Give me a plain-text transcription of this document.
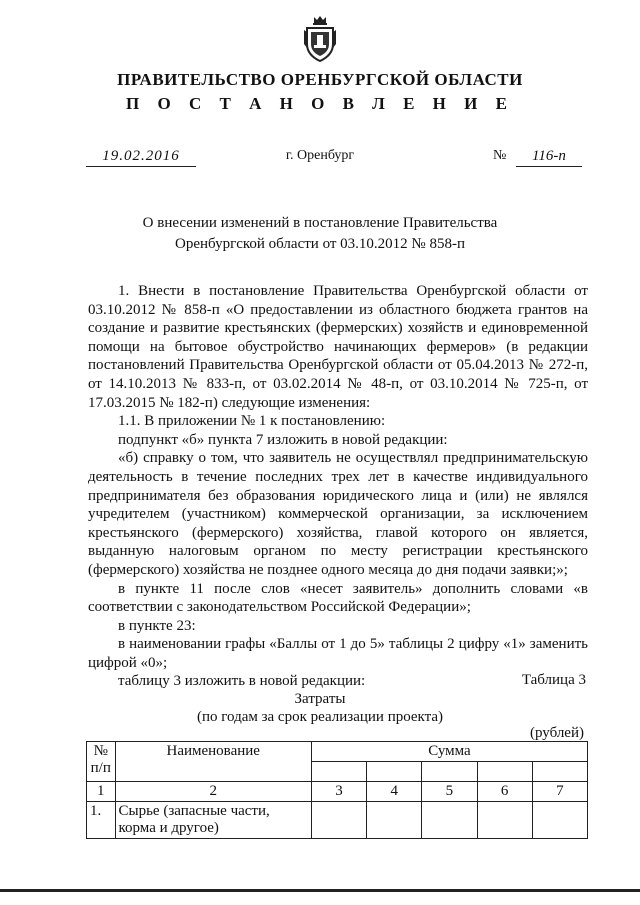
ПРАВИТЕЛЬСТВО ОРЕНБУРГСКОЙ ОБЛАСТИ
П О С Т А Н О В Л Е Н И Е
19.02.2016	г. Оренбург	№	116-п
О внесении изменений в постановление Правительства
Оренбургской области от 03.10.2012 № 858-п

1. Внести в постановление Правительства Оренбургской области от 03.10.2012 № 858-п «О предоставлении из областного бюджета грантов на создание и развитие крестьянских (фермерских) хозяйств и единовременной помощи на бытовое обустройство начинающих фермеров» (в редакции постановлений Правительства Оренбургской области от 05.04.2013 № 272-п, от 14.10.2013 № 833-п, от 03.02.2014 № 48-п, от 03.10.2014 № 725-п, от 17.03.2015 № 182-п) следующие изменения:

1.1. В приложении № 1 к постановлению:

подпункт «б» пункта 7 изложить в новой редакции:

«б) справку о том, что заявитель не осуществлял предпринимательскую деятельность в течение последних трех лет в качестве индивидуального предпринимателя без образования юридического лица и (или) не являлся учредителем (участником) коммерческой организации, за исключением крестьянского (фермерского) хозяйства, главой которого он является, выданную налоговым органом по месту регистрации крестьянского (фермерского) хозяйства не позднее одного месяца до дня подачи заявки;»;

в пункте 11 после слов «несет заявитель» дополнить словами «в соответствии с законодательством Российской Федерации»;

в пункте 23:

в наименовании графы «Баллы от 1 до 5» таблицы 2 цифру «1» заменить цифрой «0»;

таблицу 3 изложить в новой редакции:	Таблица 3
Затраты
(по годам за срок реализации проекта)
(рублей)
№ п/п	Наименование	Сумма				

1	2	3	4	5	6	7
1.	Сырье (запасные части, корма и другое)					
